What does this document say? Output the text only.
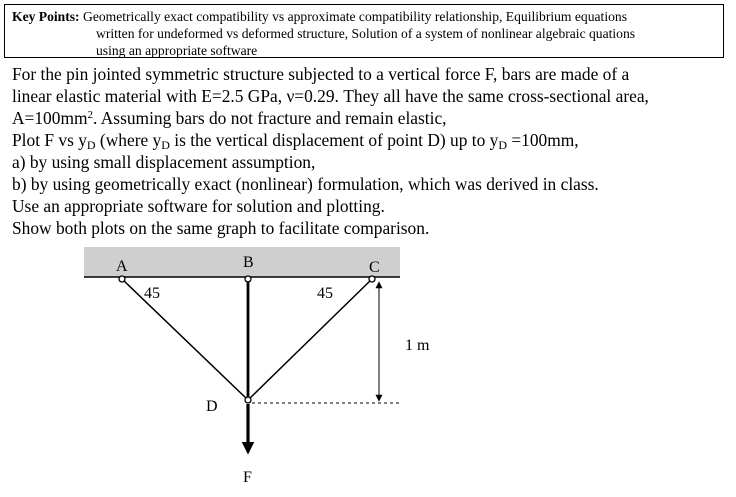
Key Points: Geometrically exact compatibility vs approximate compatibility relationship, Equilibrium equations
written for undeformed vs deformed structure, Solution of a system of nonlinear algebraic quations
using an appropriate software
For the pin jointed symmetric structure subjected to a vertical force F, bars are made of a
linear elastic material with E=2.5 GPa, ν=0.29. They all have the same cross-sectional area,
$A=100mm^2$. Assuming bars do not fracture and remain elastic,
Plot F vs $y_D$ (where $y_D$ is the vertical displacement of point D) up to $y_D =100mm$,
a) by using small displacement assumption,
b) by using geometrically exact (nonlinear) formulation, which was derived in class.
Use an appropriate software for solution and plotting.
Show both plots on the same graph to facilitate comparison.
A	B	C
D
F
45	45
1 m
